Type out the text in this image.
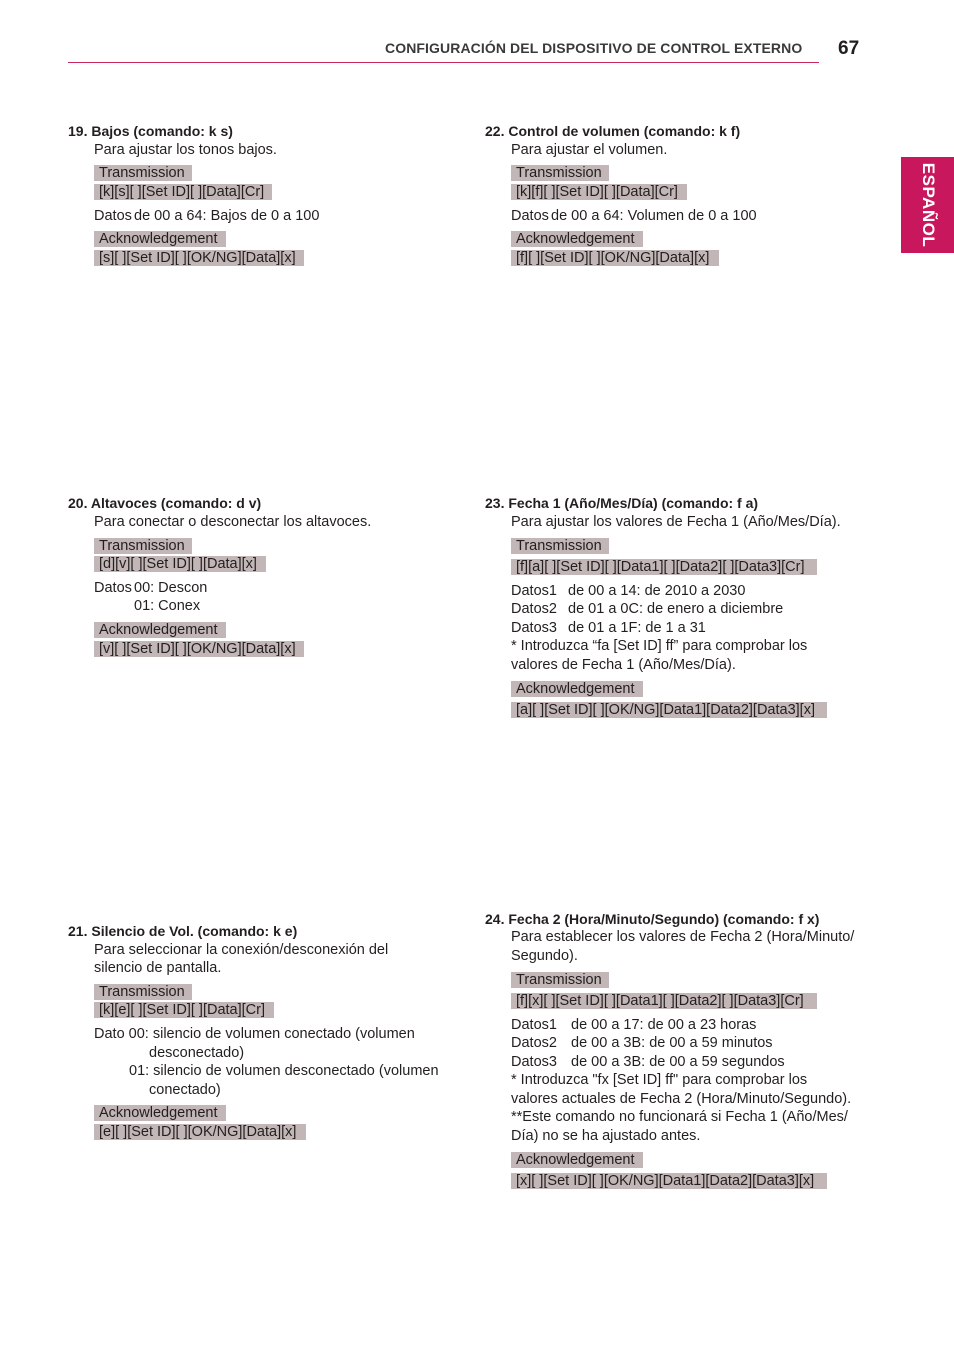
CONFIGURACIÓN DEL DISPOSITIVO DE CONTROL EXTERNO 67
ESPAÑOL
19. Bajos (comando: k s)
Para ajustar los tonos bajos.
Transmission
[k][s][ ][Set ID][ ][Data][Cr]
Datos de 00 a 64: Bajos de 0 a 100
Acknowledgement
[s][ ][Set ID][ ][OK/NG][Data][x]
20. Altavoces (comando: d v)
Para conectar o desconectar los altavoces.
Transmission
[d][v][ ][Set ID][ ][Data][x]
Datos 00: Descon
01: Conex
Acknowledgement
[v][ ][Set ID][ ][OK/NG][Data][x]
21. Silencio de Vol. (comando: k e)
Para seleccionar la conexión/desconexión del
silencio de pantalla.
Transmission
[k][e][ ][Set ID][ ][Data][Cr]
Dato 00: silencio de volumen conectado (volumen
desconectado)
01: silencio de volumen desconectado (volumen
conectado)
Acknowledgement
[e][ ][Set ID][ ][OK/NG][Data][x]
22. Control de volumen (comando: k f)
Para ajustar el volumen.
Transmission
[k][f][ ][Set ID][ ][Data][Cr]
Datos de 00 a 64: Volumen de 0 a 100
Acknowledgement
[f][ ][Set ID][ ][OK/NG][Data][x]
23. Fecha 1 (Año/Mes/Día) (comando: f a)
Para ajustar los valores de Fecha 1 (Año/Mes/Día).
Transmission
[f][a][ ][Set ID][ ][Data1][ ][Data2][ ][Data3][Cr]
Datos1 de 00 a 14: de 2010 a 2030
Datos2 de 01 a 0C: de enero a diciembre
Datos3 de 01 a 1F: de 1 a 31
* Introduzca “fa [Set ID] ff” para comprobar los
valores de Fecha 1 (Año/Mes/Día).
Acknowledgement
[a][ ][Set ID][ ][OK/NG][Data1][Data2][Data3][x]
24. Fecha 2 (Hora/Minuto/Segundo) (comando: f x)
Para establecer los valores de Fecha 2 (Hora/Minuto/
Segundo).
Transmission
[f][x][ ][Set ID][ ][Data1][ ][Data2][ ][Data3][Cr]
Datos1 de 00 a 17: de 00 a 23 horas
Datos2 de 00 a 3B: de 00 a 59 minutos
Datos3 de 00 a 3B: de 00 a 59 segundos
* Introduzca "fx [Set ID] ff" para comprobar los
valores actuales de Fecha 2 (Hora/Minuto/Segundo).
**Este comando no funcionará si Fecha 1 (Año/Mes/
Día) no se ha ajustado antes.
Acknowledgement
[x][ ][Set ID][ ][OK/NG][Data1][Data2][Data3][x]
